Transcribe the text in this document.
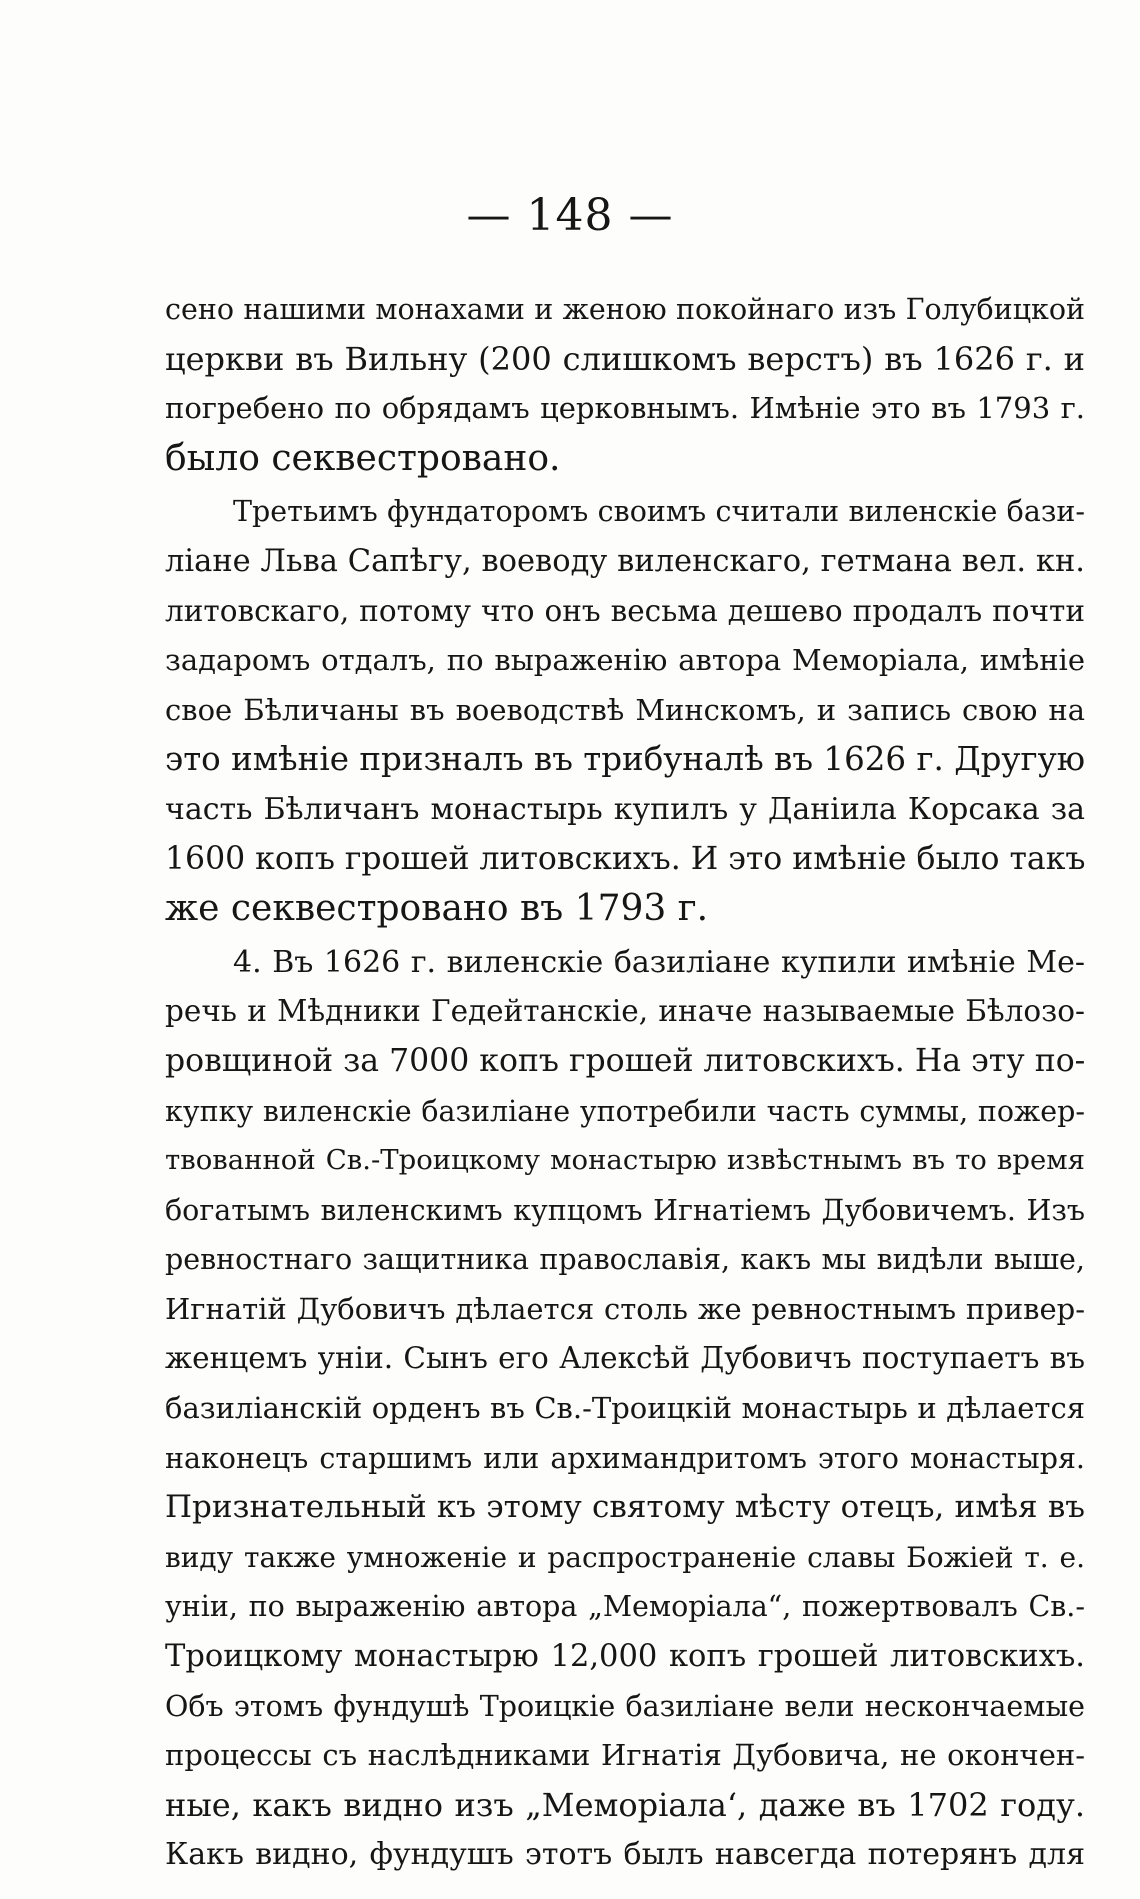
— 148 —
сено нашими монахами и женою покойнаго изъ Голубицкой
церкви въ Вильну (200 слишкомъ верстъ) въ 1626 г. и
погребено по обрядамъ церковнымъ. Имѣніе это въ 1793 г.
было секвестровано.
Третьимъ фундаторомъ своимъ считали виленскіе бази-
ліане Льва Сапѣгу, воеводу виленскаго, гетмана вел. кн.
литовскаго, потому что онъ весьма дешево продалъ почти
задаромъ отдалъ, по выраженію автора Меморіала, имѣніе
свое Бѣличаны въ воеводствѣ Минскомъ, и запись свою на
это имѣніе призналъ въ трибуналѣ въ 1626 г. Другую
часть Бѣличанъ монастырь купилъ у Даніила Корсака за
1600 копъ грошей литовскихъ. И это имѣніе было такъ
же секвестровано въ 1793 г.
4. Въ 1626 г. виленскіе базиліане купили имѣніе Ме-
речь и Мѣдники Гедейтанскіе, иначе называемые Бѣлозо-
ровщиной за 7000 копъ грошей литовскихъ. На эту по-
купку виленскіе базиліане употребили часть суммы, пожер-
твованной Св.-Троицкому монастырю извѣстнымъ въ то время
богатымъ виленскимъ купцомъ Игнатіемъ Дубовичемъ. Изъ
ревностнаго защитника православія, какъ мы видѣли выше,
Игнатій Дубовичъ дѣлается столь же ревностнымъ привер-
женцемъ уніи. Сынъ его Алексѣй Дубовичъ поступаетъ въ
базиліанскій орденъ въ Св.-Троицкій монастырь и дѣлается
наконецъ старшимъ или архимандритомъ этого монастыря.
Признательный къ этому святому мѣсту отецъ, имѣя въ
виду также умноженіе и распространеніе славы Божіей т. е.
уніи, по выраженію автора „Меморіала“, пожертвовалъ Св.-
Троицкому монастырю 12,000 копъ грошей литовскихъ.
Объ этомъ фундушѣ Троицкіе базиліане вели нескончаемые
процессы съ наслѣдниками Игнатія Дубовича, не окончен-
ные, какъ видно изъ „Меморіала‘, даже въ 1702 году.
Какъ видно, фундушъ этотъ былъ навсегда потерянъ для
